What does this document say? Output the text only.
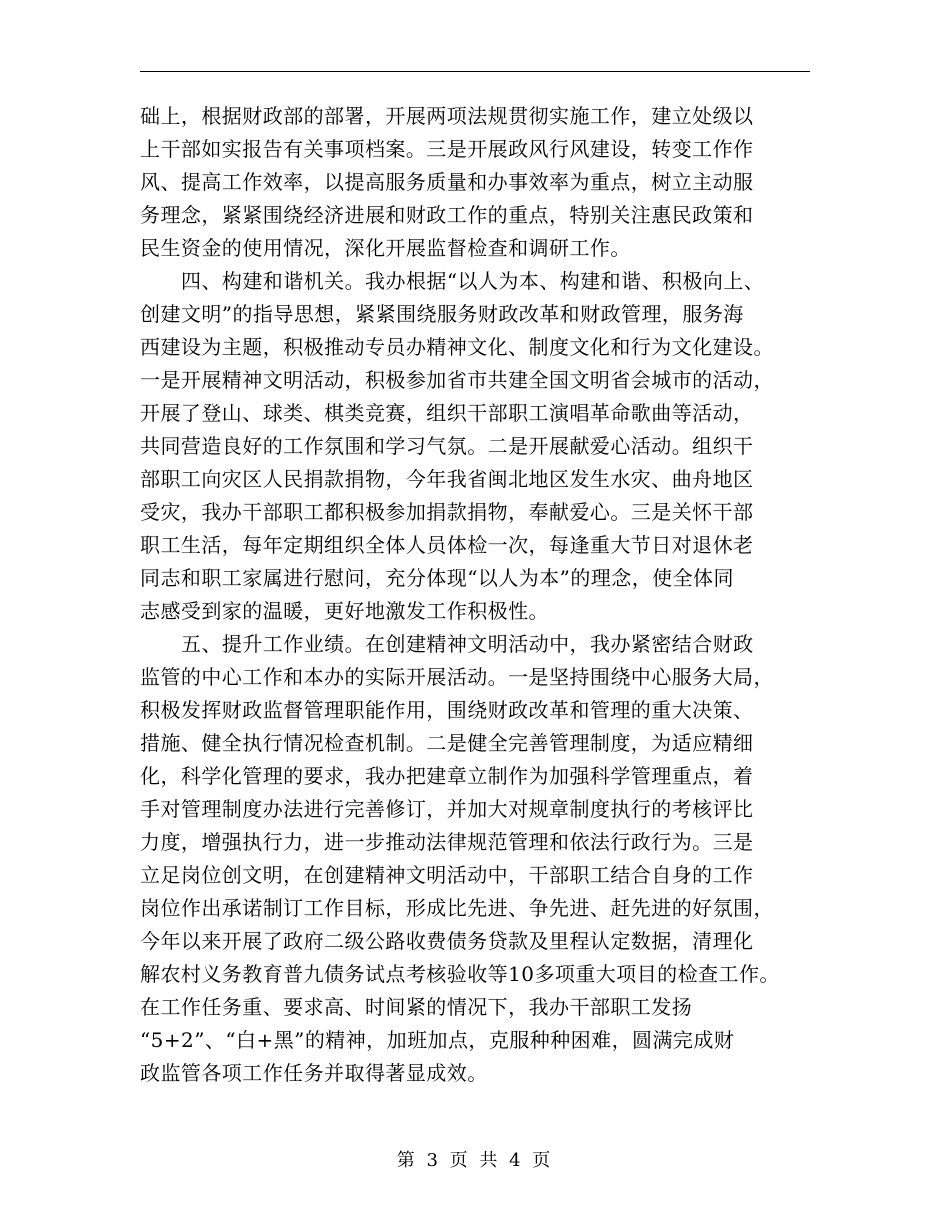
础上，根据财政部的部署，开展两项法规贯彻实施工作，建立处级以
上干部如实报告有关事项档案。三是开展政风行风建设，转变工作作
风、提高工作效率，以提高服务质量和办事效率为重点，树立主动服
务理念，紧紧围绕经济进展和财政工作的重点，特别关注惠民政策和
民生资金的使用情况，深化开展监督检查和调研工作。
四、构建和谐机关。我办根据“以人为本、构建和谐、积极向上、
创建文明”的指导思想，紧紧围绕服务财政改革和财政管理，服务海
西建设为主题，积极推动专员办精神文化、制度文化和行为文化建设。
一是开展精神文明活动，积极参加省市共建全国文明省会城市的活动，
开展了登山、球类、棋类竞赛，组织干部职工演唱革命歌曲等活动，
共同营造良好的工作氛围和学习气氛。二是开展献爱心活动。组织干
部职工向灾区人民捐款捐物，今年我省闽北地区发生水灾、曲舟地区
受灾，我办干部职工都积极参加捐款捐物，奉献爱心。三是关怀干部
职工生活，每年定期组织全体人员体检一次，每逢重大节日对退休老
同志和职工家属进行慰问，充分体现“以人为本”的理念，使全体同
志感受到家的温暖，更好地激发工作积极性。
五、提升工作业绩。在创建精神文明活动中，我办紧密结合财政
监管的中心工作和本办的实际开展活动。一是坚持围绕中心服务大局，
积极发挥财政监督管理职能作用，围绕财政改革和管理的重大决策、
措施、健全执行情况检查机制。二是健全完善管理制度，为适应精细
化，科学化管理的要求，我办把建章立制作为加强科学管理重点，着
手对管理制度办法进行完善修订，并加大对规章制度执行的考核评比
力度，增强执行力，进一步推动法律规范管理和依法行政行为。三是
立足岗位创文明，在创建精神文明活动中，干部职工结合自身的工作
岗位作出承诺制订工作目标，形成比先进、争先进、赶先进的好氛围，
今年以来开展了政府二级公路收费债务贷款及里程认定数据，清理化
解农村义务教育普九债务试点考核验收等10多项重大项目的检查工作。
在工作任务重、要求高、时间紧的情况下，我办干部职工发扬
“5+2”、“白+黑”的精神，加班加点，克服种种困难，圆满完成财
政监管各项工作任务并取得著显成效。
第 3 页 共 4 页
